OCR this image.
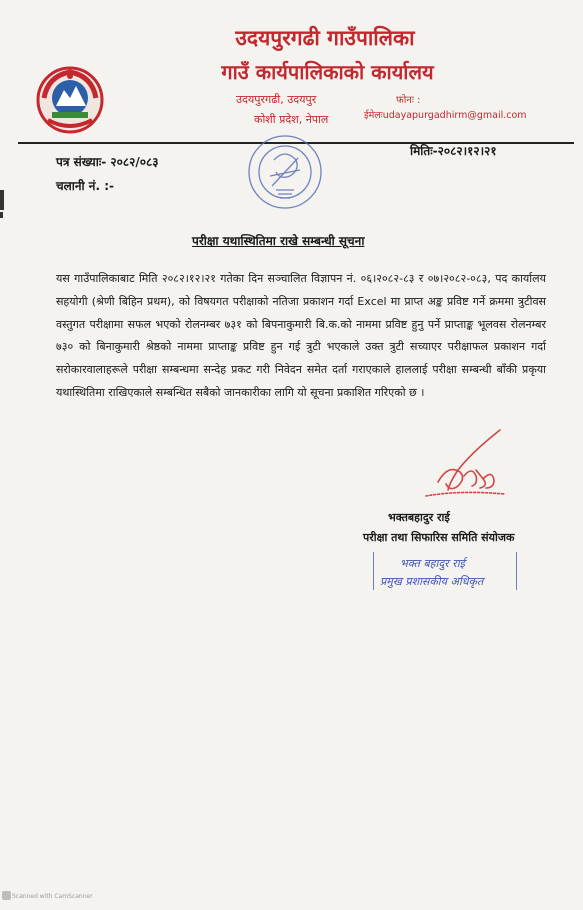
उदयपुरगढी गाउँपालिका
गाउँ कार्यपालिकाको कार्यालय
उदयपुरगढी, उदयपुर
कोशी प्रदेश, नेपाल
फोनः :
ईमेलःudayapurgadhirm@gmail.com
पत्र संख्याः- २०८२/०८३
चलानी नं. :-
मितिः-२०८२।१२।२१
परीक्षा यथास्थितिमा राखे सम्बन्धी सूचना
यस गाउँपालिकाबाट मिति २०८२।१२।२१ गतेका दिन सञ्चालित विज्ञापन नं. ०६।२०८२-८३ र ०७।२०८२-०८३, पद कार्यालय सहयोगी (श्रेणी बिहिन प्रथम), को विषयगत परीक्षाको नतिजा प्रकाशन गर्दा Excel मा प्राप्त अङ्क प्रविष्ट गर्ने क्रममा त्रुटीवस वस्तुगत परीक्षामा सफल भएको रोलनम्बर ७३१ को बिपनाकुमारी बि.क.को नाममा प्रविष्ट हुनु पर्ने प्राप्ताङ्क भूलवस रोलनम्बर ७३० को बिनाकुमारी श्रेष्ठको नाममा प्राप्ताङ्क प्रविष्ट हुन गई त्रुटी भएकाले उक्त त्रुटी सच्याएर परीक्षाफल प्रकाशन गर्दा सरोकारवालाहरूले परीक्षा सम्बन्धमा सन्देह प्रकट गरी निवेदन समेत दर्ता गराएकाले हाललाई परीक्षा सम्बन्धी बाँकी प्रकृया यथास्थितिमा राखिएकाले सम्बन्धित सबैको जानकारीका लागि यो सूचना प्रकाशित गरिएको छ ।
भक्तबहादुर राई
परीक्षा तथा सिफारिस समिति संयोजक
भक्त बहादुर राई
प्रमुख प्रशासकीय अधिकृत
Scanned with CamScanner
